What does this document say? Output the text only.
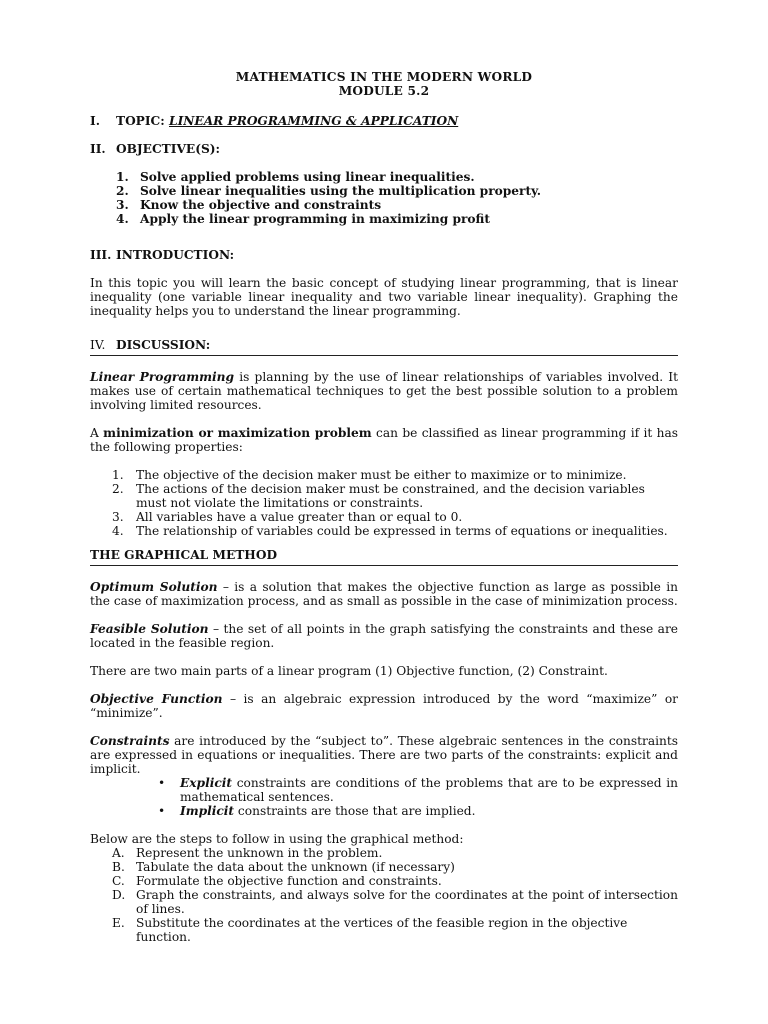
MATHEMATICS IN THE MODERN WORLD
MODULE 5.2
I.	TOPIC:
LINEAR PROGRAMMING & APPLICATION
II. OBJECTIVE(S):
1. Solve applied problems using linear inequalities.
2. Solve linear inequalities using the multiplication property.
3. Know the objective and constraints
4. Apply the linear programming in maximizing profit
III. INTRODUCTION:

In this topic you will learn the basic concept of studying linear programming, that is linear inequality (one variable linear inequality and two variable linear inequality). Graphing the inequality helps you to understand the linear programming.

IV. DISCUSSION:

Linear Programming is planning by the use of linear relationships of variables involved. It makes use of certain mathematical techniques to get the best possible solution to a problem involving limited resources.

A minimization or maximization problem can be classified as linear programming if it has the following properties:

1.	The objective of the decision maker must be either to maximize or to minimize.
2.	The actions of the decision maker must be constrained, and the decision variables must not violate the limitations or constraints.
3.	All variables have a value greater than or equal to 0.
4.	The relationship of variables could be expressed in terms of equations or inequalities.
THE GRAPHICAL METHOD

Optimum Solution – is a solution that makes the objective function as large as possible in the case of maximization process, and as small as possible in the case of minimization process.

Feasible Solution – the set of all points in the graph satisfying the constraints and these are located in the feasible region.

There are two main parts of a linear program (1) Objective function, (2) Constraint.

Objective Function – is an algebraic expression introduced by the word “maximize” or “minimize”.

Constraints are introduced by the “subject to”. These algebraic sentences in the constraints are expressed in equations or inequalities. There are two parts of the constraints: explicit and implicit.

•	Explicit constraints are conditions of the problems that are to be expressed in mathematical sentences.
•	Implicit constraints are those that are implied.

Below are the steps to follow in using the graphical method:

A. Represent the unknown in the problem.
B. Tabulate the data about the unknown (if necessary)
C. Formulate the objective function and constraints.
D. Graph the constraints, and always solve for the coordinates at the point of intersection of lines.
E. Substitute the coordinates at the vertices of the feasible region in the objective function.
